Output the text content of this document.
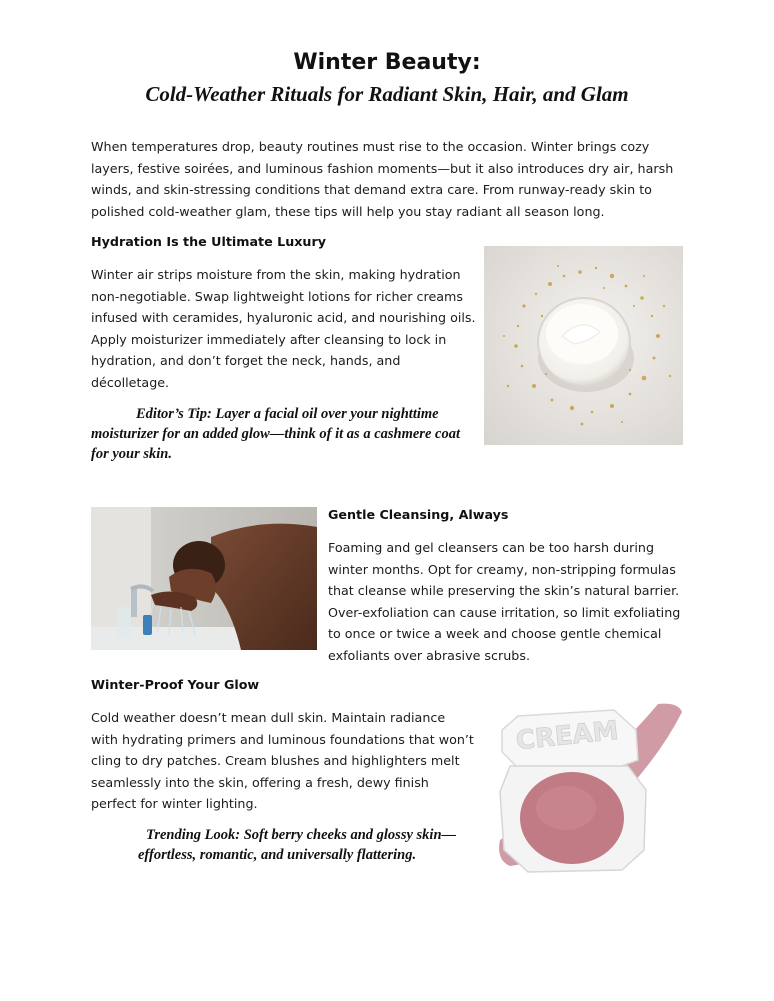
Winter Beauty:
Cold-Weather Rituals for Radiant Skin, Hair, and Glam
When temperatures drop, beauty routines must rise to the occasion. Winter brings cozy layers, festive soirées, and luminous fashion moments—but it also introduces dry air, harsh winds, and skin-stressing conditions that demand extra care. From runway-ready skin to polished cold-weather glam, these tips will help you stay radiant all season long.
Hydration Is the Ultimate Luxury
Winter air strips moisture from the skin, making hydration non-negotiable. Swap lightweight lotions for richer creams infused with ceramides, hyaluronic acid, and nourishing oils. Apply moisturizer immediately after cleansing to lock in hydration, and don’t forget the neck, hands, and décolletage.
Editor’s Tip: Layer a facial oil over your nighttime moisturizer for an added glow—think of it as a cashmere coat for your skin.
Gentle Cleansing, Always
Foaming and gel cleansers can be too harsh during winter months. Opt for creamy, non-stripping formulas that cleanse while preserving the skin’s natural barrier. Over-exfoliation can cause irritation, so limit exfoliating to once or twice a week and choose gentle chemical exfoliants over abrasive scrubs.
Winter-Proof Your Glow
Cold weather doesn’t mean dull skin. Maintain radiance with hydrating primers and luminous foundations that won’t cling to dry patches. Cream blushes and highlighters melt seamlessly into the skin, offering a fresh, dewy finish perfect for winter lighting.
Trending Look: Soft berry cheeks and glossy skin—effortless, romantic, and universally flattering.
CREAM
